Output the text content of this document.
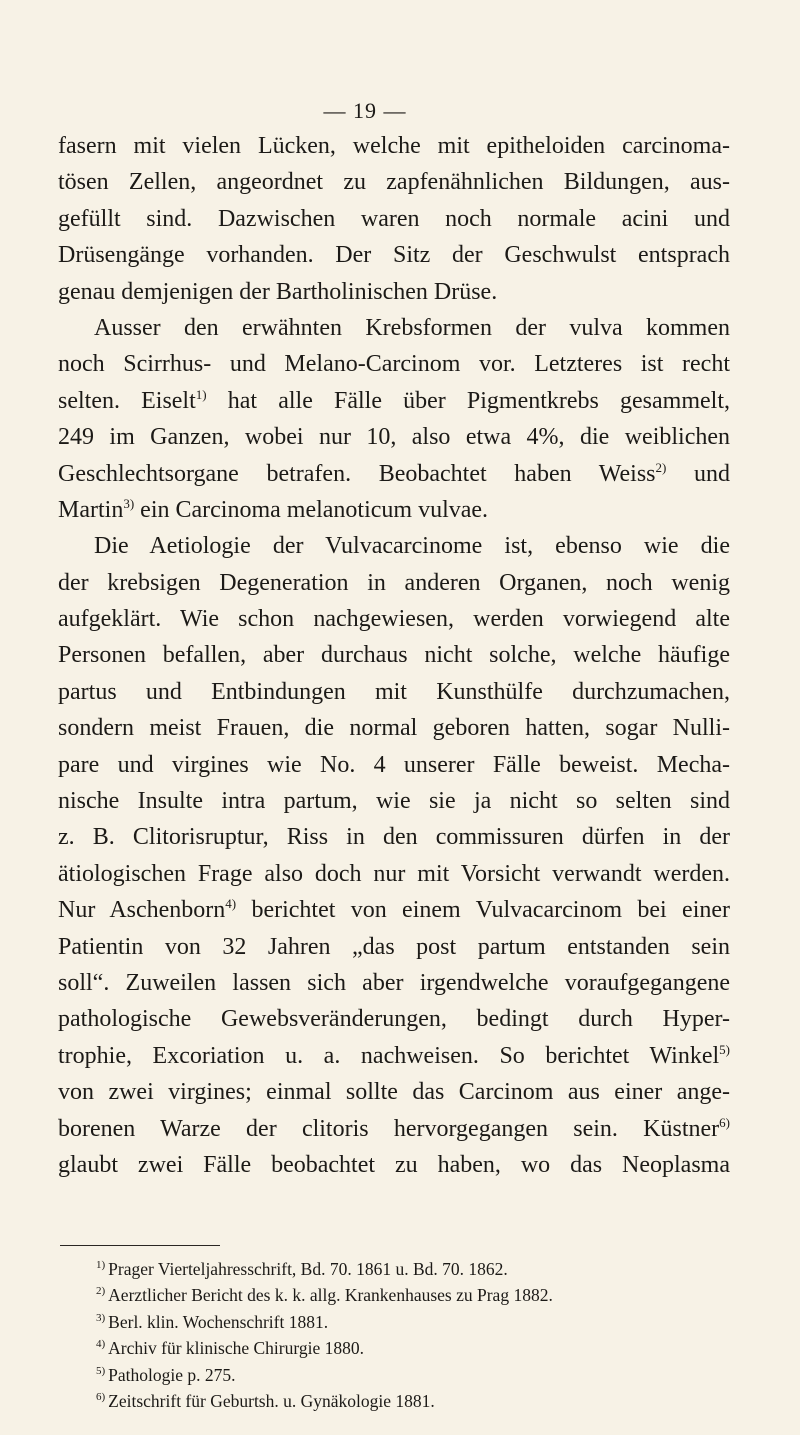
— 19 —
fasern mit vielen Lücken, welche mit epitheloiden carcinoma-
tösen Zellen, angeordnet zu zapfenähnlichen Bildungen, aus-
gefüllt sind. Dazwischen waren noch normale acini und
Drüsengänge vorhanden. Der Sitz der Geschwulst entsprach
genau demjenigen der Bartholinischen Drüse.
Ausser den erwähnten Krebsformen der vulva kommen
noch Scirrhus- und Melano-Carcinom vor. Letzteres ist recht
selten. Eiselt$^{1)}$ hat alle Fälle über Pigmentkrebs gesammelt,
249 im Ganzen, wobei nur 10, also etwa 4%, die weiblichen
Geschlechtsorgane betrafen. Beobachtet haben Weiss$^{2)}$ und
Martin$^{3)}$ ein Carcinoma melanoticum vulvae.
Die Aetiologie der Vulvacarcinome ist, ebenso wie die
der krebsigen Degeneration in anderen Organen, noch wenig
aufgeklärt. Wie schon nachgewiesen, werden vorwiegend alte
Personen befallen, aber durchaus nicht solche, welche häufige
partus und Entbindungen mit Kunsthülfe durchzumachen,
sondern meist Frauen, die normal geboren hatten, sogar Nulli-
pare und virgines wie No. 4 unserer Fälle beweist. Mecha-
nische Insulte intra partum, wie sie ja nicht so selten sind
z. B. Clitorisruptur, Riss in den commissuren dürfen in der
ätiologischen Frage also doch nur mit Vorsicht verwandt werden.
Nur Aschenborn$^{4)}$ berichtet von einem Vulvacarcinom bei einer
Patientin von 32 Jahren „das post partum entstanden sein
soll“. Zuweilen lassen sich aber irgendwelche voraufgegangene
pathologische Gewebsveränderungen, bedingt durch Hyper-
trophie, Excoriation u. a. nachweisen. So berichtet Winkel$^{5)}$
von zwei virgines; einmal sollte das Carcinom aus einer ange-
borenen Warze der clitoris hervorgegangen sein. Küstner$^{6)}$
glaubt zwei Fälle beobachtet zu haben, wo das Neoplasma
$^{1)}$ Prager Vierteljahresschrift, Bd. 70. 1861 u. Bd. 70. 1862.
$^{2)}$ Aerztlicher Bericht des k. k. allg. Krankenhauses zu Prag 1882.
$^{3)}$ Berl. klin. Wochenschrift 1881.
$^{4)}$ Archiv für klinische Chirurgie 1880.
$^{5)}$ Pathologie p. 275.
$^{6)}$ Zeitschrift für Geburtsh. u. Gynäkologie 1881.
